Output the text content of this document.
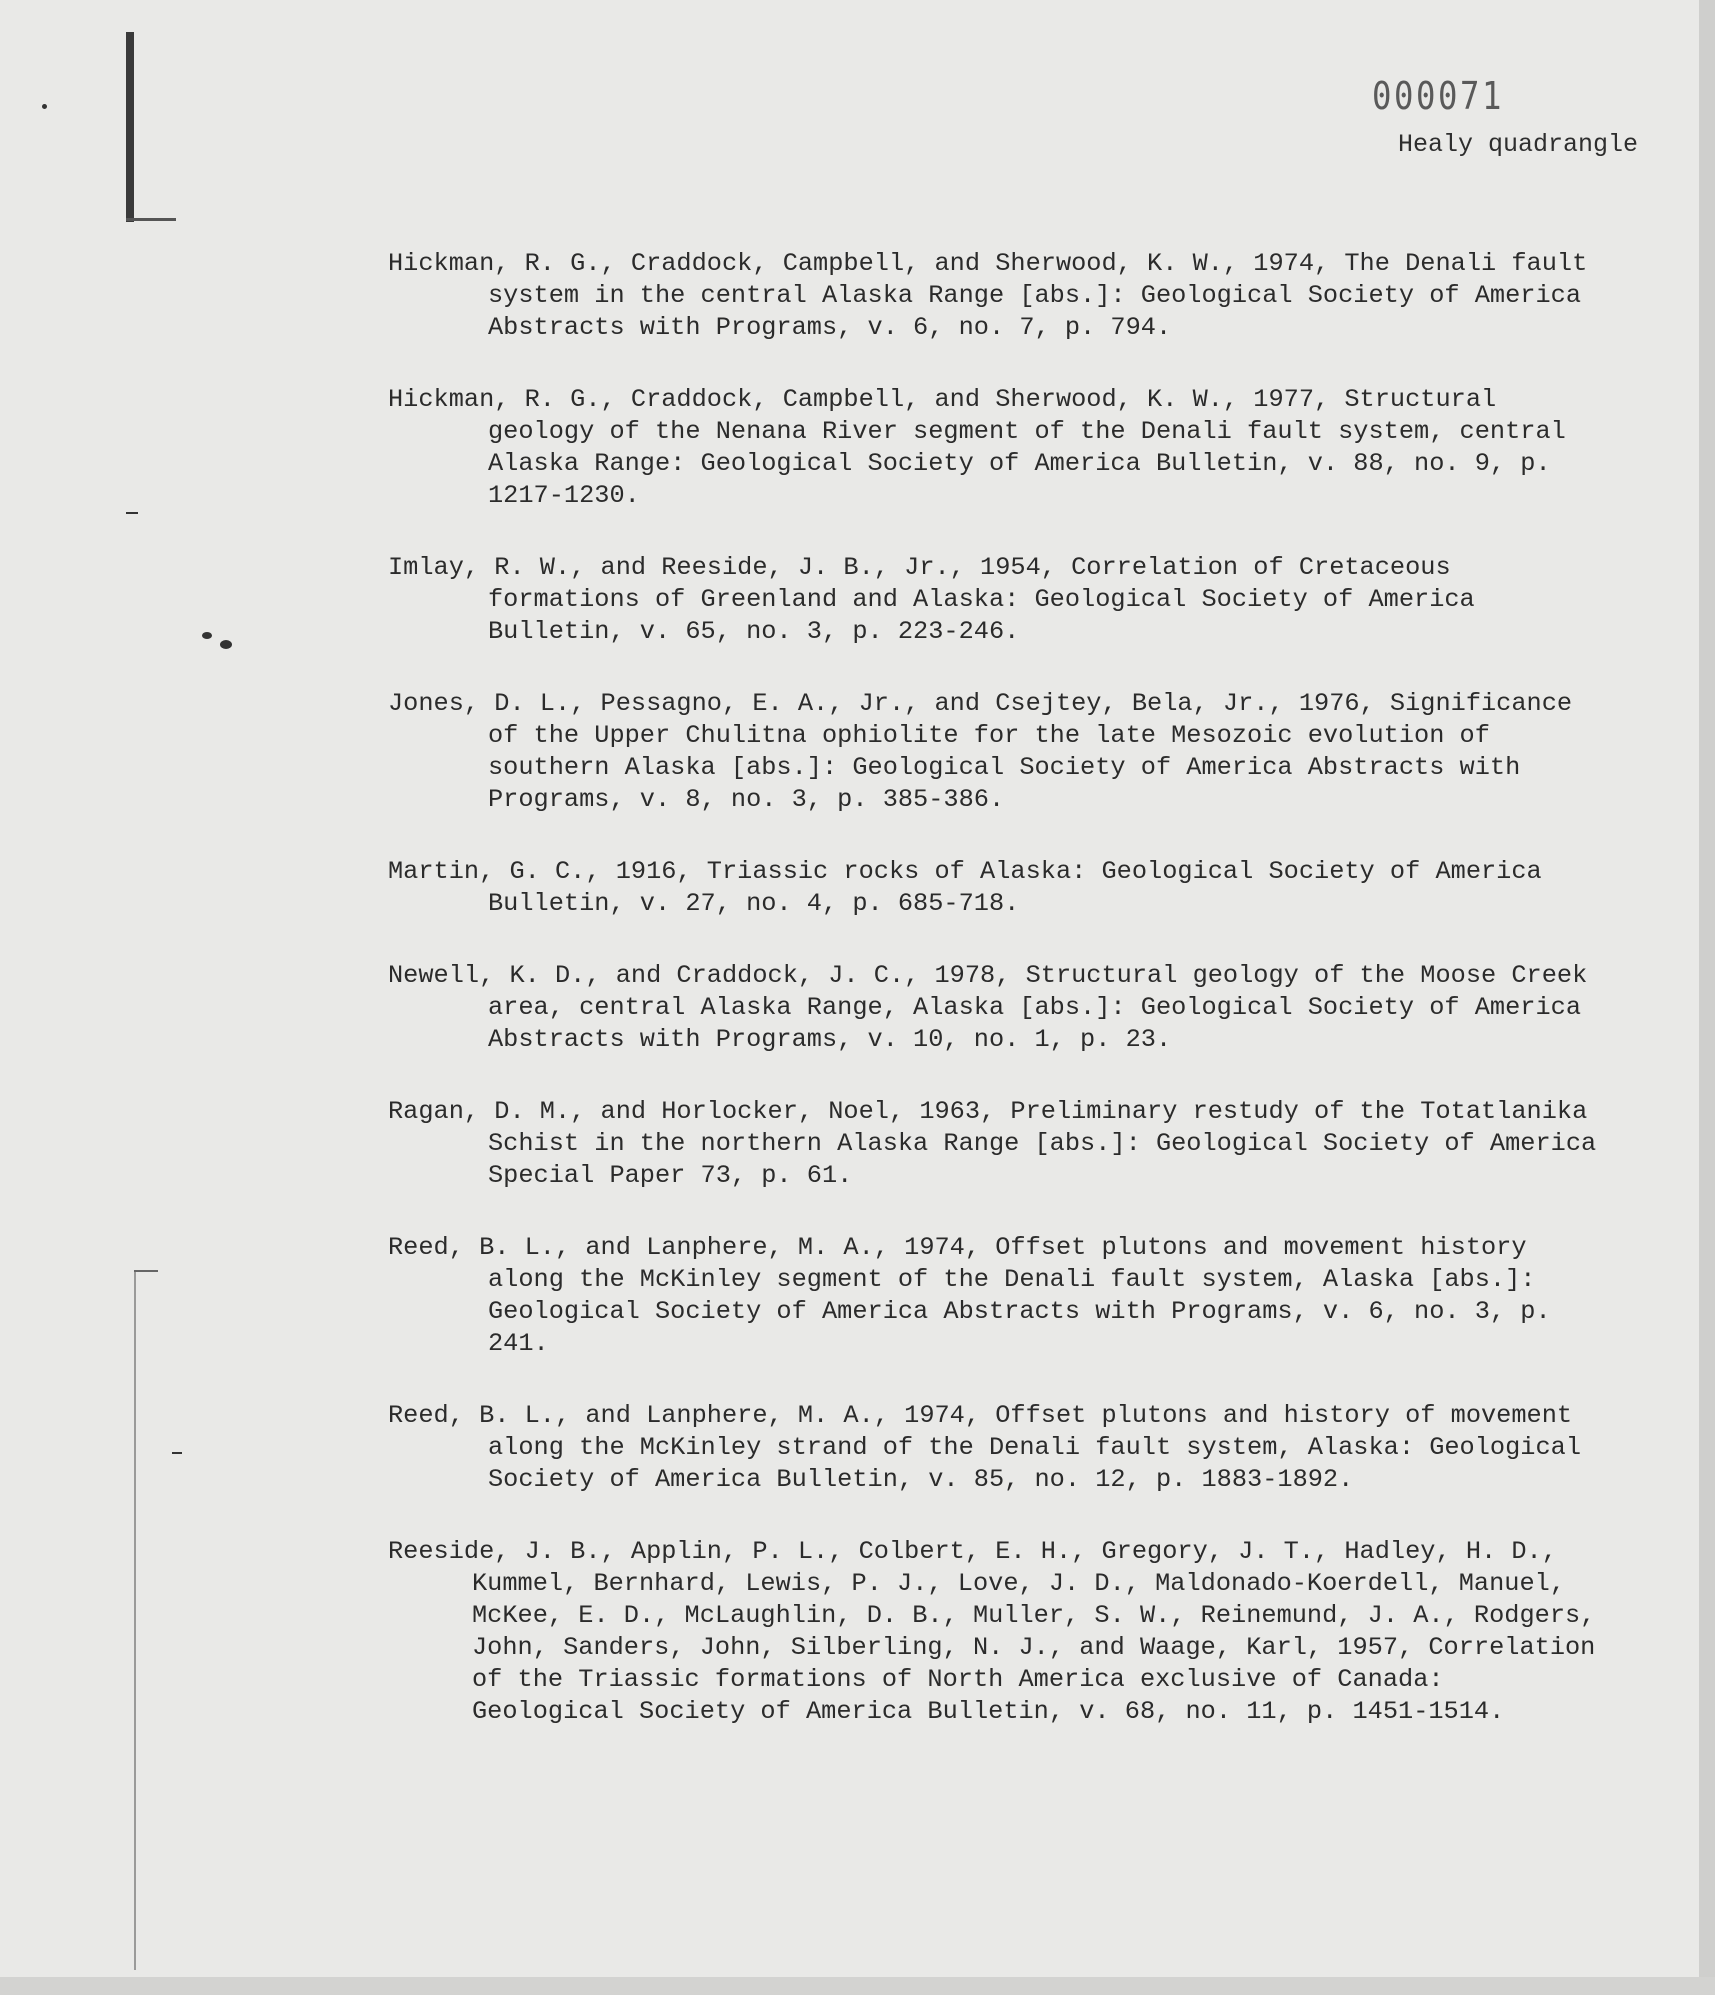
000071
Healy quadrangle

Hickman, R. G., Craddock, Campbell, and Sherwood, K. W., 1974, The Denali fault system in the central Alaska Range [abs.]: Geological Society of America Abstracts with Programs, v. 6, no. 7, p. 794.

Hickman, R. G., Craddock, Campbell, and Sherwood, K. W., 1977, Structural geology of the Nenana River segment of the Denali fault system, central Alaska Range: Geological Society of America Bulletin, v. 88, no. 9, p. 1217-1230.

Imlay, R. W., and Reeside, J. B., Jr., 1954, Correlation of Cretaceous formations of Greenland and Alaska: Geological Society of America Bulletin, v. 65, no. 3, p. 223-246.

Jones, D. L., Pessagno, E. A., Jr., and Csejtey, Bela, Jr., 1976, Significance of the Upper Chulitna ophiolite for the late Mesozoic evolution of southern Alaska [abs.]: Geological Society of America Abstracts with Programs, v. 8, no. 3, p. 385-386.

Martin, G. C., 1916, Triassic rocks of Alaska: Geological Society of America Bulletin, v. 27, no. 4, p. 685-718.

Newell, K. D., and Craddock, J. C., 1978, Structural geology of the Moose Creek area, central Alaska Range, Alaska [abs.]: Geological Society of America Abstracts with Programs, v. 10, no. 1, p. 23.

Ragan, D. M., and Horlocker, Noel, 1963, Preliminary restudy of the Totatlanika Schist in the northern Alaska Range [abs.]: Geological Society of America Special Paper 73, p. 61.

Reed, B. L., and Lanphere, M. A., 1974, Offset plutons and movement history along the McKinley segment of the Denali fault system, Alaska [abs.]: Geological Society of America Abstracts with Programs, v. 6, no. 3, p. 241.

Reed, B. L., and Lanphere, M. A., 1974, Offset plutons and history of movement along the McKinley strand of the Denali fault system, Alaska: Geological Society of America Bulletin, v. 85, no. 12, p. 1883-1892.

Reeside, J. B., Applin, P. L., Colbert, E. H., Gregory, J. T., Hadley, H. D., Kummel, Bernhard, Lewis, P. J., Love, J. D., Maldonado-Koerdell, Manuel, McKee, E. D., McLaughlin, D. B., Muller, S. W., Reinemund, J. A., Rodgers, John, Sanders, John, Silberling, N. J., and Waage, Karl, 1957, Correlation of the Triassic formations of North America exclusive of Canada: Geological Society of America Bulletin, v. 68, no. 11, p. 1451-1514.
